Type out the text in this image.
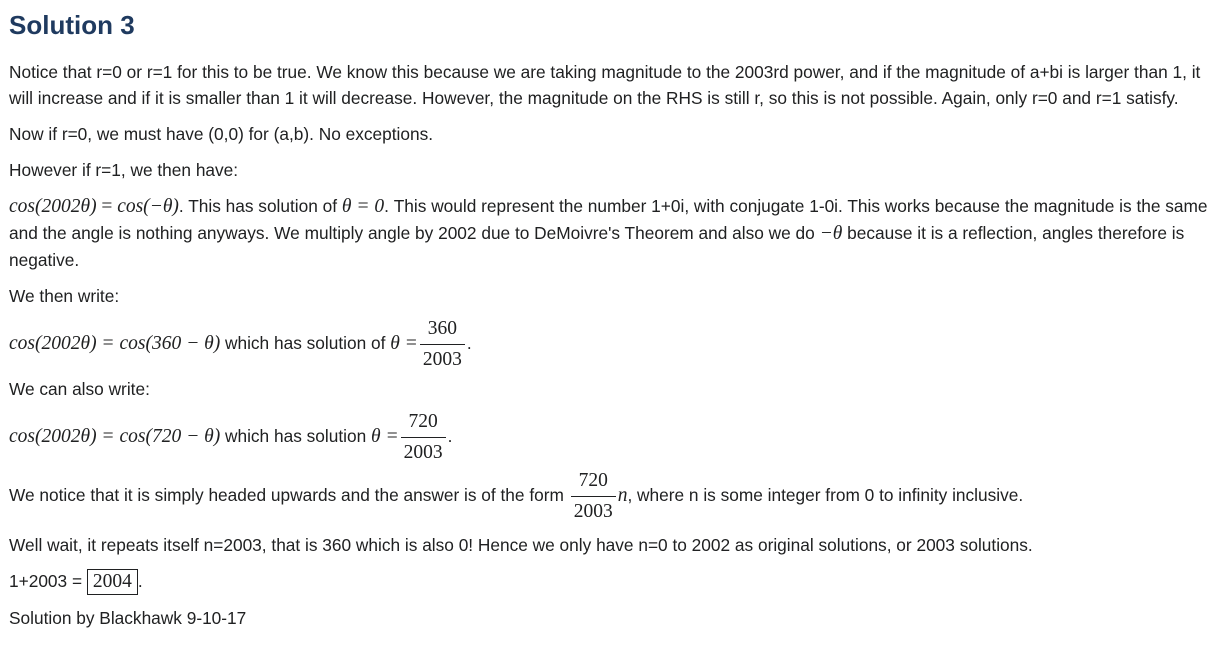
Solution 3

Notice that r=0 or r=1 for this to be true. We know this because we are taking magnitude to the 2003rd power, and if the magnitude of a+bi is larger than 1, it will increase and if it is smaller than 1 it will decrease. However, the magnitude on the RHS is still r, so this is not possible. Again, only r=0 and r=1 satisfy.

Now if r=0, we must have (0,0) for (a,b). No exceptions.

However if r=1, we then have:

cos(2002θ) = cos(−θ). This has solution of θ = 0. This would represent the number 1+0i, with conjugate 1-0i. This works because the magnitude is the same and the angle is nothing anyways. We multiply angle by 2002 due to DeMoivre's Theorem and also we do −θ because it is a reflection, angles therefore is negative.

We then write:

cos(2002θ) = cos(360 − θ) which has solution of $\theta = \frac{360}{2003}$ .

We can also write:

cos(2002θ) = cos(720 − θ) which has solution $\theta = \frac{720}{2003}$ .

We notice that it is simply headed upwards and the answer is of the form $\frac{720}{2003} n$, where n is some integer from 0 to infinity inclusive.

Well wait, it repeats itself n=2003, that is 360 which is also 0! Hence we only have n=0 to 2002 as original solutions, or 2003 solutions.

1+2003 = 2004 .

Solution by Blackhawk 9-10-17
